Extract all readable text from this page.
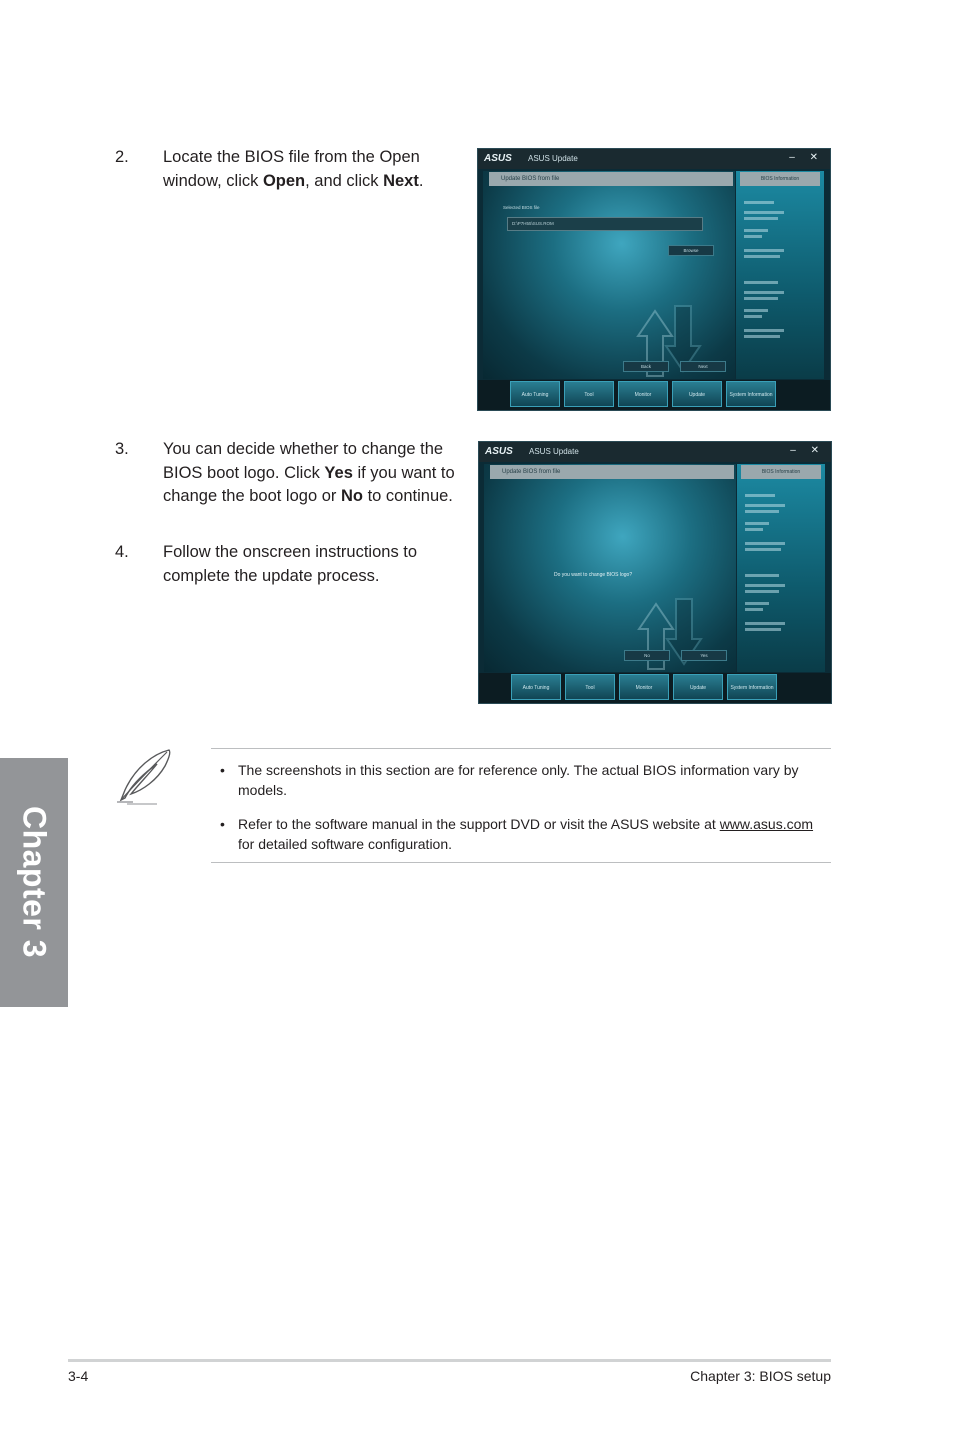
2. Locate the BIOS file from the Open window, click Open, and click Next.
ASUS ASUS Update	– ✕
Update BIOS from file
Selected BIOS file
D:\P7H55\SUS.ROM
Browse
Back	Next
BIOS Information
Auto Tuning	Tool	Monitor	Update	System Information
3. You can decide whether to change the BIOS boot logo. Click Yes if you want to change the boot logo or No to continue.
4. Follow the onscreen instructions to complete the update process.
ASUS ASUS Update	– ✕
Update BIOS from file
Do you want to change BIOS logo?
No	Yes
BIOS Information
Auto Tuning	Tool	Monitor	Update	System Information
• The screenshots in this section are for reference only. The actual BIOS information vary by models.
• Refer to the software manual in the support DVD or visit the ASUS website at www.asus.com for detailed software configuration.
Chapter 3
3-4	Chapter 3: BIOS setup
